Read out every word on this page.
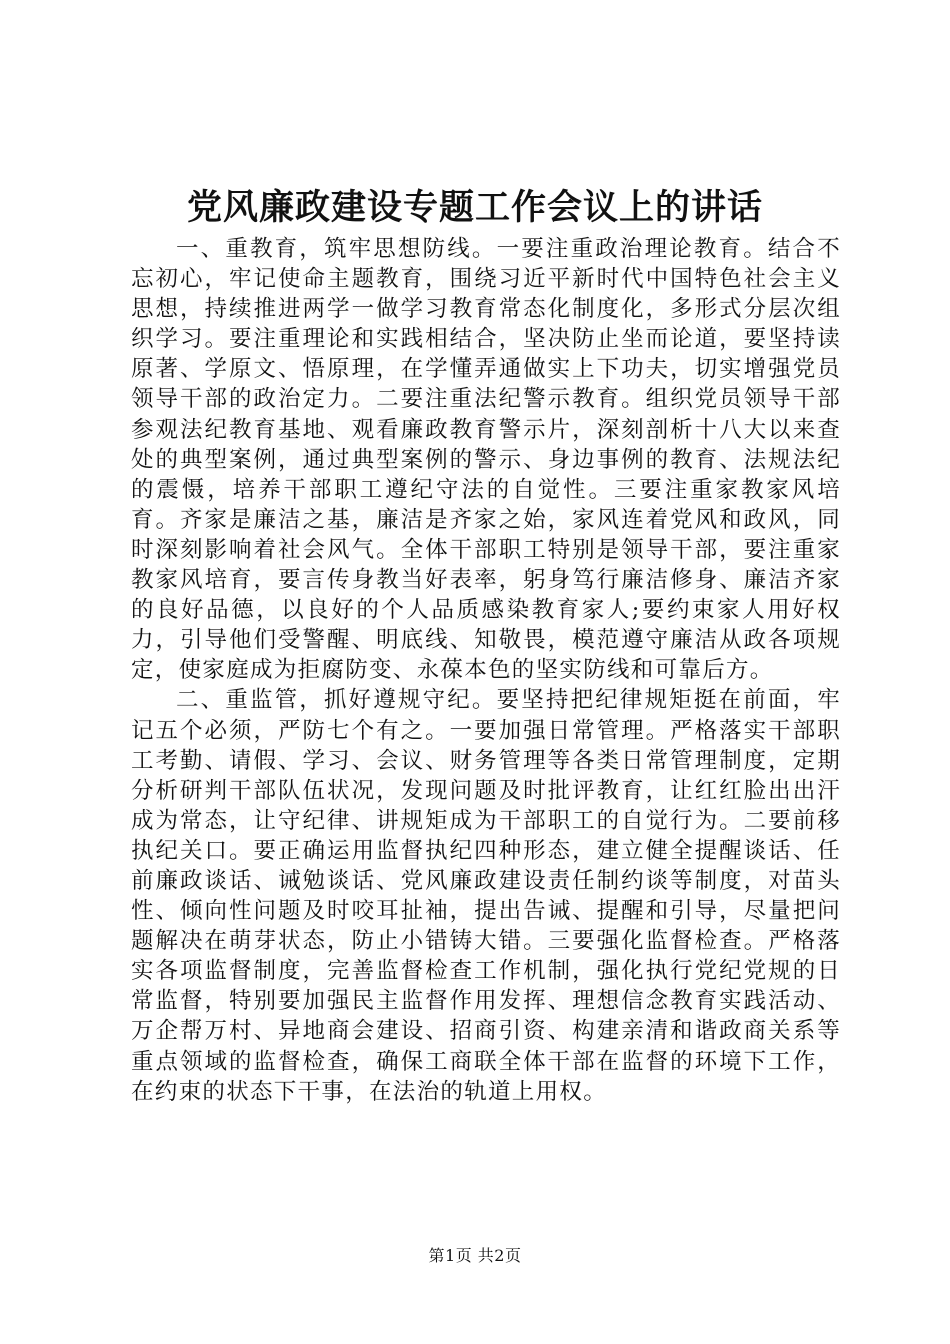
党风廉政建设专题工作会议上的讲话

一、重教育，筑牢思想防线。一要注重政治理论教育。结合不忘初心，牢记使命主题教育，围绕习近平新时代中国特色社会主义思想，持续推进两学一做学习教育常态化制度化，多形式分层次组织学习。要注重理论和实践相结合，坚决防止坐而论道，要坚持读原著、学原文、悟原理，在学懂弄通做实上下功夫，切实增强党员领导干部的政治定力。二要注重法纪警示教育。组织党员领导干部参观法纪教育基地、观看廉政教育警示片，深刻剖析十八大以来查处的典型案例，通过典型案例的警示、身边事例的教育、法规法纪的震慑，培养干部职工遵纪守法的自觉性。三要注重家教家风培育。齐家是廉洁之基，廉洁是齐家之始，家风连着党风和政风，同时深刻影响着社会风气。全体干部职工特别是领导干部，要注重家教家风培育，要言传身教当好表率，躬身笃行廉洁修身、廉洁齐家的良好品德，以良好的个人品质感染教育家人;要约束家人用好权力，引导他们受警醒、明底线、知敬畏，模范遵守廉洁从政各项规定，使家庭成为拒腐防变、永葆本色的坚实防线和可靠后方。

二、重监管，抓好遵规守纪。要坚持把纪律规矩挺在前面，牢记五个必须，严防七个有之。一要加强日常管理。严格落实干部职工考勤、请假、学习、会议、财务管理等各类日常管理制度，定期分析研判干部队伍状况，发现问题及时批评教育，让红红脸出出汗成为常态，让守纪律、讲规矩成为干部职工的自觉行为。二要前移执纪关口。要正确运用监督执纪四种形态，建立健全提醒谈话、任前廉政谈话、诫勉谈话、党风廉政建设责任制约谈等制度，对苗头性、倾向性问题及时咬耳扯袖，提出告诫、提醒和引导，尽量把问题解决在萌芽状态，防止小错铸大错。三要强化监督检查。严格落实各项监督制度，完善监督检查工作机制，强化执行党纪党规的日常监督，特别要加强民主监督作用发挥、理想信念教育实践活动、万企帮万村、异地商会建设、招商引资、构建亲清和谐政商关系等重点领域的监督检查，确保工商联全体干部在监督的环境下工作，在约束的状态下干事，在法治的轨道上用权。

第1页 共2页
